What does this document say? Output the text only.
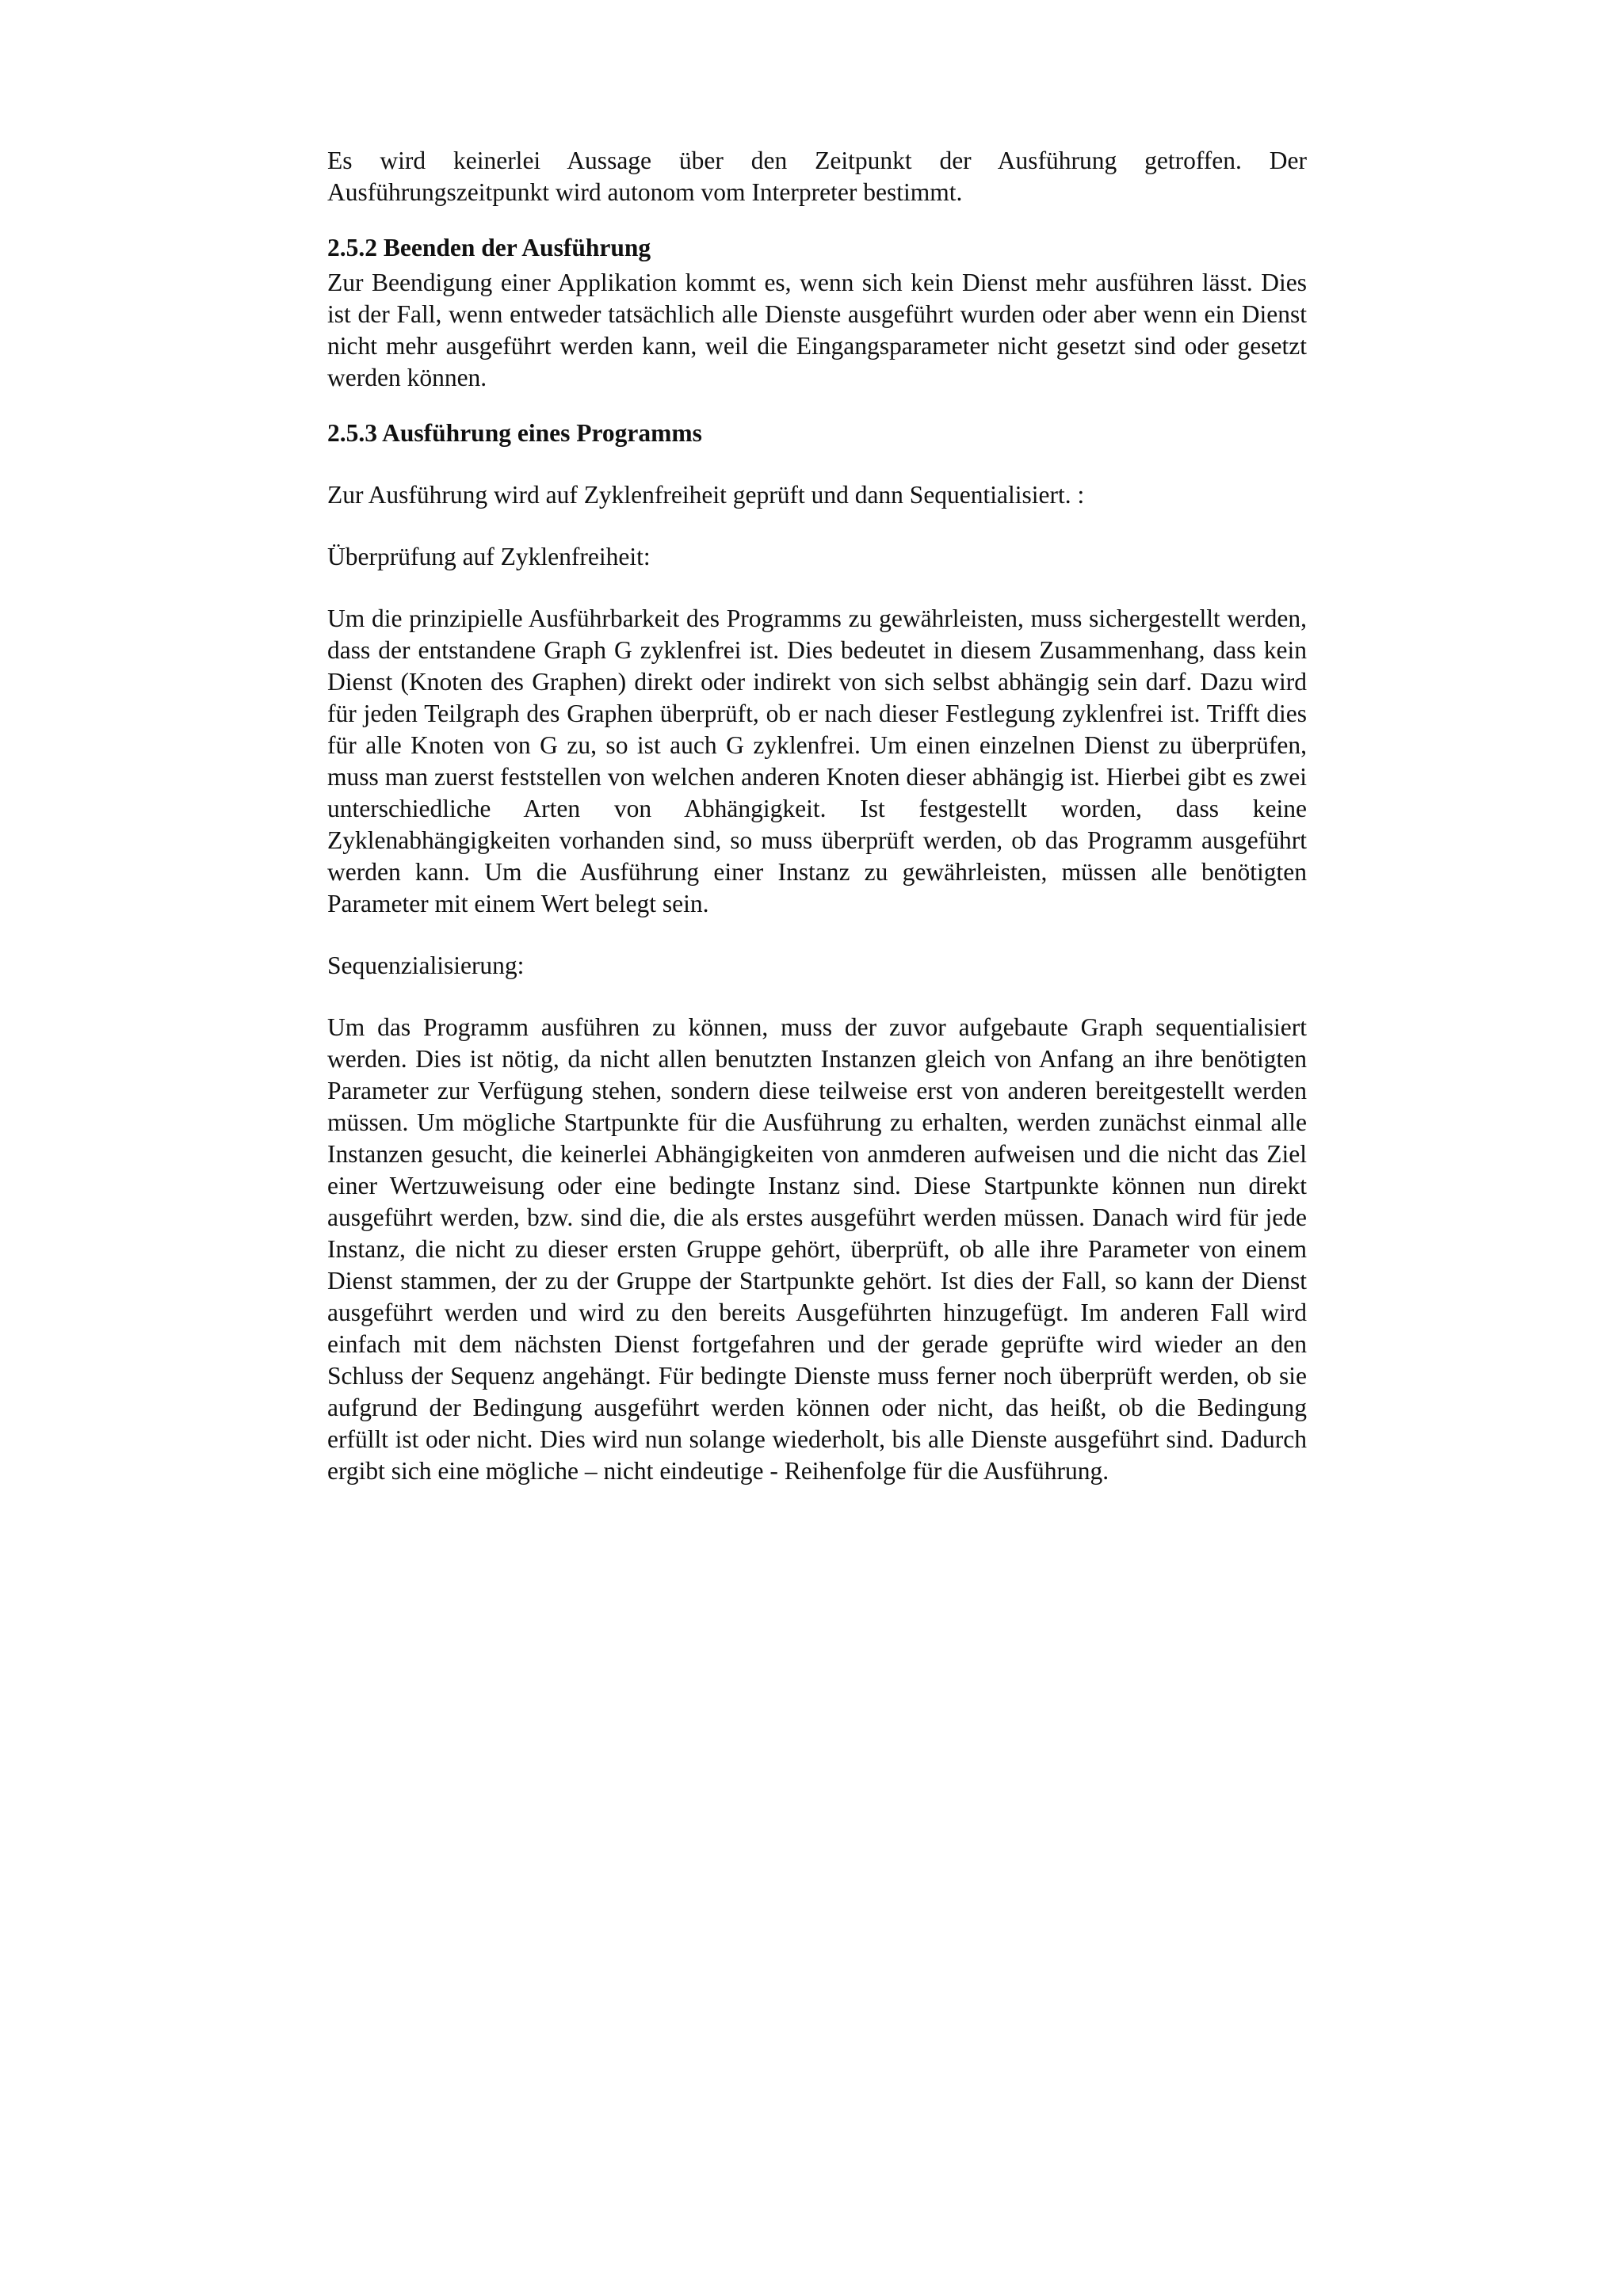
Es wird keinerlei Aussage über den Zeitpunkt der Ausführung getroffen. Der Ausführungszeitpunkt wird autonom vom Interpreter bestimmt.

2.5.2 Beenden der Ausführung

Zur Beendigung einer Applikation kommt es, wenn sich kein Dienst mehr ausführen lässt. Dies ist der Fall, wenn entweder tatsächlich alle Dienste ausgeführt wurden oder aber wenn ein Dienst nicht mehr ausgeführt werden kann, weil die Eingangsparameter nicht gesetzt sind oder gesetzt werden können.

2.5.3 Ausführung eines Programms

Zur Ausführung wird auf Zyklenfreiheit geprüft und dann Sequentialisiert. :

Überprüfung auf Zyklenfreiheit:

Um die prinzipielle Ausführbarkeit des Programms zu gewährleisten, muss sichergestellt werden, dass der entstandene Graph G zyklenfrei ist. Dies bedeutet in diesem Zusammenhang, dass kein Dienst (Knoten des Graphen) direkt oder indirekt von sich selbst abhängig sein darf. Dazu wird für jeden Teilgraph des Graphen überprüft, ob er nach dieser Festlegung zyklenfrei ist. Trifft dies für alle Knoten von G zu, so ist auch G zyklenfrei. Um einen einzelnen Dienst zu überprüfen, muss man zuerst feststellen von welchen anderen Knoten dieser abhängig ist. Hierbei gibt es zwei unterschiedliche Arten von Abhängigkeit. Ist festgestellt worden, dass keine Zyklenabhängigkeiten vorhanden sind, so muss überprüft werden, ob das Programm ausgeführt werden kann. Um die Ausführung einer Instanz zu gewährleisten, müssen alle benötigten Parameter mit einem Wert belegt sein.

Sequenzialisierung:

Um das Programm ausführen zu können, muss der zuvor aufgebaute Graph sequentialisiert werden. Dies ist nötig, da nicht allen benutzten Instanzen gleich von Anfang an ihre benötigten Parameter zur Verfügung stehen, sondern diese teilweise erst von anderen bereitgestellt werden müssen. Um mögliche Startpunkte für die Ausführung zu erhalten, werden zunächst einmal alle Instanzen gesucht, die keinerlei Abhängigkeiten von anmderen aufweisen und die nicht das Ziel einer Wertzuweisung oder eine bedingte Instanz sind. Diese Startpunkte können nun direkt ausgeführt werden, bzw. sind die, die als erstes ausgeführt werden müssen. Danach wird für jede Instanz, die nicht zu dieser ersten Gruppe gehört, überprüft, ob alle ihre Parameter von einem Dienst stammen, der zu der Gruppe der Startpunkte gehört. Ist dies der Fall, so kann der Dienst ausgeführt werden und wird zu den bereits Ausgeführten hinzugefügt. Im anderen Fall wird einfach mit dem nächsten Dienst fortgefahren und der gerade geprüfte wird wieder an den Schluss der Sequenz angehängt. Für bedingte Dienste muss ferner noch überprüft werden, ob sie aufgrund der Bedingung ausgeführt werden können oder nicht, das heißt, ob die Bedingung erfüllt ist oder nicht. Dies wird nun solange wiederholt, bis alle Dienste ausgeführt sind. Dadurch ergibt sich eine mögliche – nicht eindeutige - Reihenfolge für die Ausführung.
